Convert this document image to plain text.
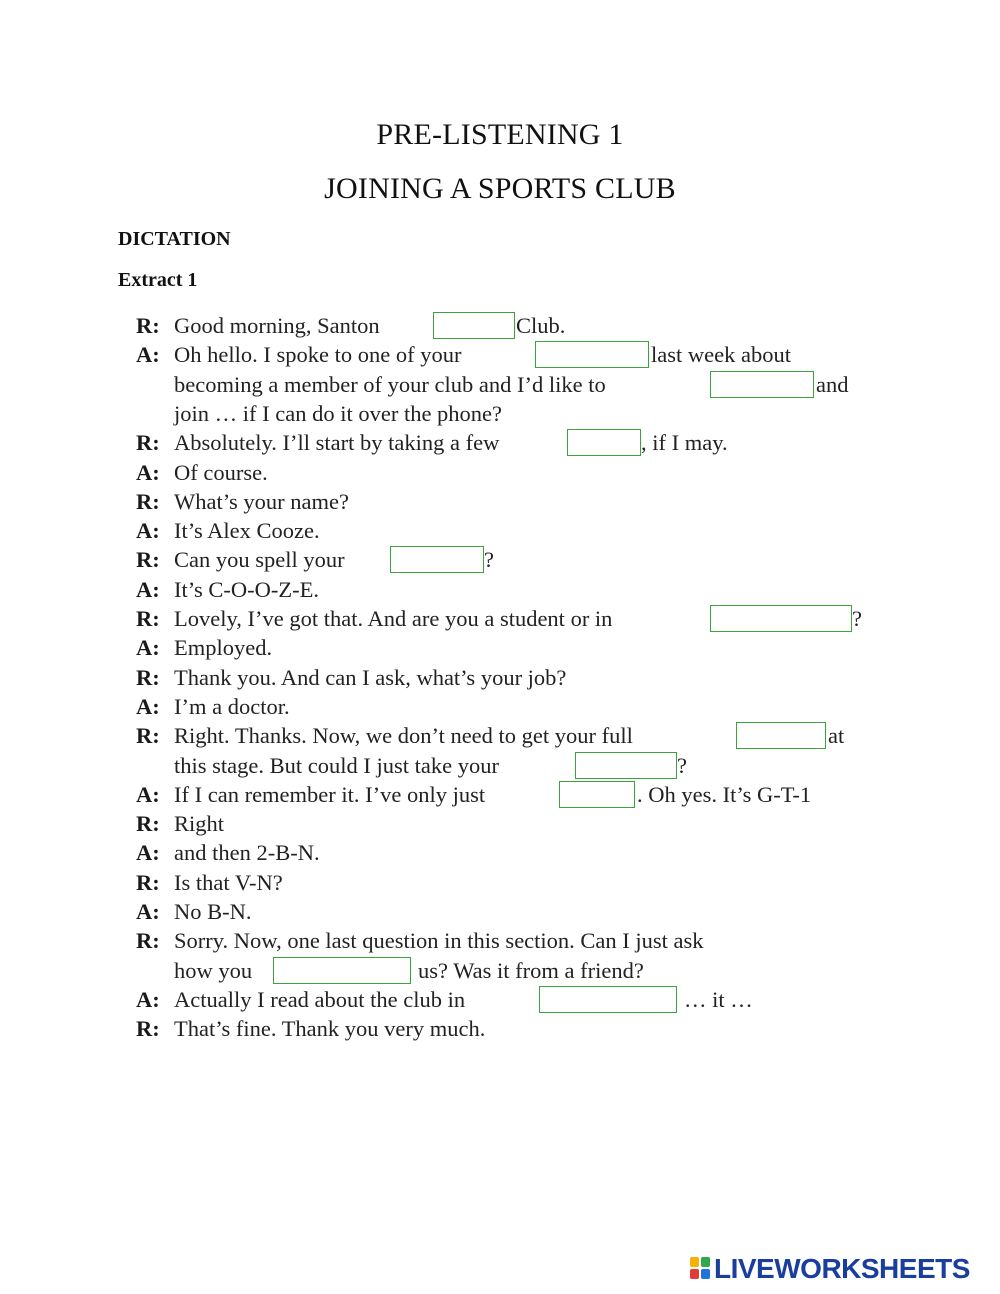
PRE-LISTENING 1
JOINING A SPORTS CLUB
DICTATION
Extract 1
R: Good morning, Santon	Club.
A: Oh hello. I spoke to one of your	last week about
becoming a member of your club and I’d like to	and
join … if I can do it over the phone?
R: Absolutely. I’ll start by taking a few	, if I may.
A: Of course.
R: What’s your name?
A: It’s Alex Cooze.
R: Can you spell your	?
A: It’s C-O-O-Z-E.
R: Lovely, I’ve got that. And are you a student or in	?
A: Employed.
R: Thank you. And can I ask, what’s your job?
A: I’m a doctor.
R: Right. Thanks. Now, we don’t need to get your full	at
this stage. But could I just take your	?
A: If I can remember it. I’ve only just	. Oh yes. It’s G-T-1
R: Right
A: and then 2-B-N.
R: Is that V-N?
A: No B-N.
R: Sorry. Now, one last question in this section. Can I just ask
how you	us? Was it from a friend?
A: Actually I read about the club in	… it …
R: That’s fine. Thank you very much.
LIVEWORKSHEETS
